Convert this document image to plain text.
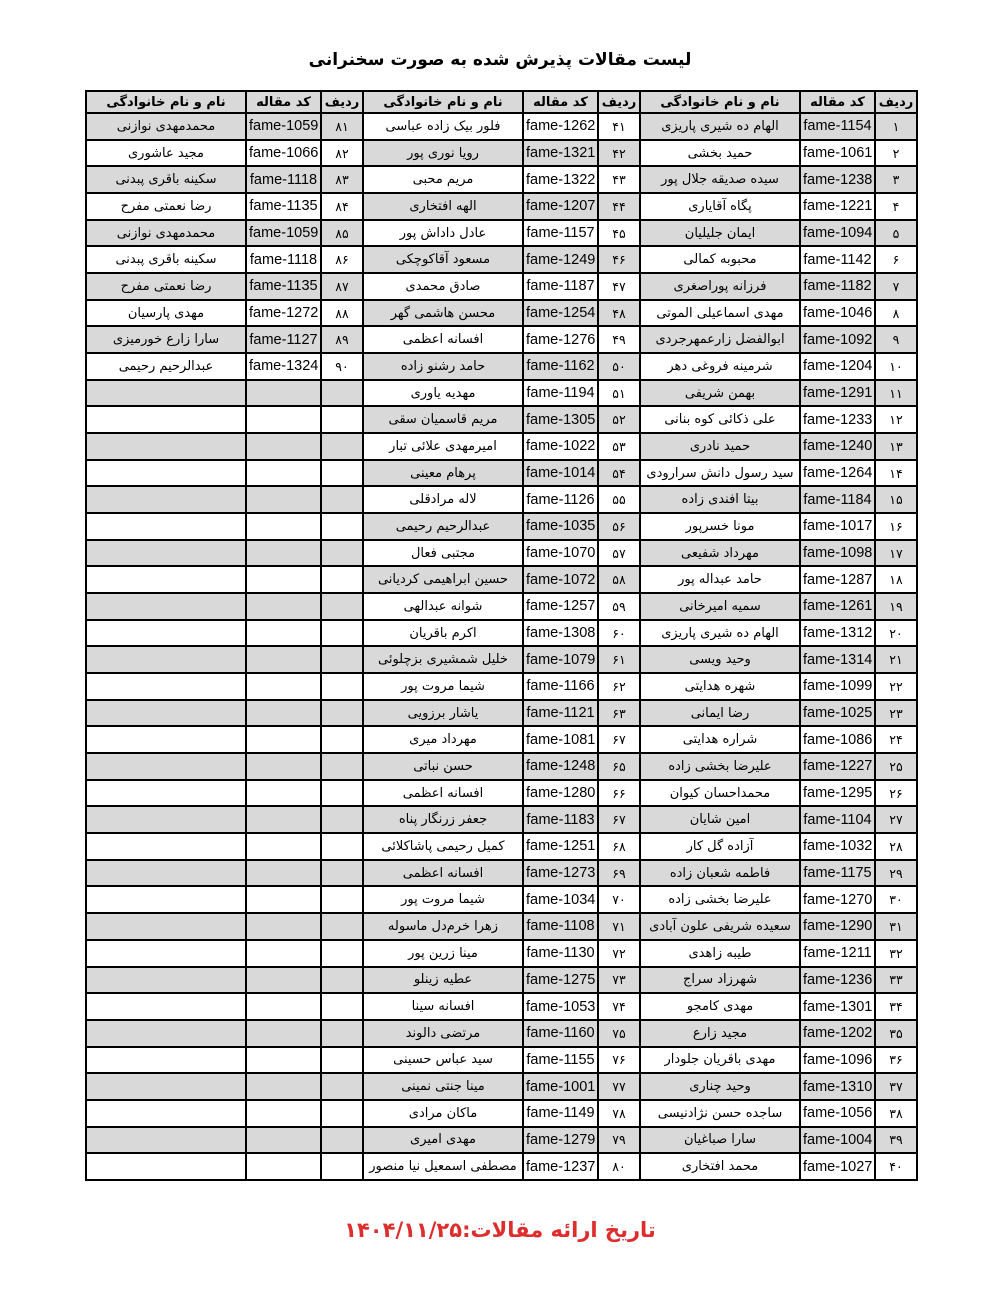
لیست مقالات پذیرش شده به صورت سخنرانی
ردیف	کد مقاله	نام و نام خانوادگی	ردیف	کد مقاله	نام و نام خانوادگی	ردیف	کد مقاله	نام و نام خانوادگی
۱	fame-1154	الهام ده شیری پاریزی	۴۱	fame-1262	فلور بیک زاده عباسی	۸۱	fame-1059	محمدمهدی نوازنی
۲	fame-1061	حمید بخشی	۴۲	fame-1321	رویا نوری پور	۸۲	fame-1066	مجید عاشوری
۳	fame-1238	سیده صدیقه جلال پور	۴۳	fame-1322	مریم محبی	۸۳	fame-1118	سکینه باقری پبدنی
۴	fame-1221	پگاه آقایاری	۴۴	fame-1207	الهه افتخاری	۸۴	fame-1135	رضا نعمتی مفرح
۵	fame-1094	ایمان جلیلیان	۴۵	fame-1157	عادل داداش پور	۸۵	fame-1059	محمدمهدی نوازنی
۶	fame-1142	محبوبه کمالی	۴۶	fame-1249	مسعود آقاکوچکی	۸۶	fame-1118	سکینه باقری پبدنی
۷	fame-1182	فرزانه پوراصغری	۴۷	fame-1187	صادق محمدی	۸۷	fame-1135	رضا نعمتی مفرح
۸	fame-1046	مهدی اسماعیلی الموتی	۴۸	fame-1254	محسن هاشمی گهر	۸۸	fame-1272	مهدی پارسیان
۹	fame-1092	ابوالفضل زارعمهرجردی	۴۹	fame-1276	افسانه اعظمی	۸۹	fame-1127	سارا زارع خورمیزی
۱۰	fame-1204	شرمینه فروغی دهر	۵۰	fame-1162	حامد رشنو زاده	۹۰	fame-1324	عبدالرحیم رحیمی
۱۱	fame-1291	بهمن شریفی	۵۱	fame-1194	مهدیه یاوری			
۱۲	fame-1233	علی ذکائی کوه بنانی	۵۲	fame-1305	مریم قاسمیان سقی			
۱۳	fame-1240	حمید نادری	۵۳	fame-1022	امیرمهدی علائی تبار			
۱۴	fame-1264	سید رسول دانش سرارودی	۵۴	fame-1014	پرهام معینی			
۱۵	fame-1184	بیتا افندی زاده	۵۵	fame-1126	لاله مرادقلی			
۱۶	fame-1017	مونا خسرپور	۵۶	fame-1035	عبدالرحیم رحیمی			
۱۷	fame-1098	مهرداد شفیعی	۵۷	fame-1070	مجتبی فعال			
۱۸	fame-1287	حامد عبداله پور	۵۸	fame-1072	حسین ابراهیمی کردیانی			
۱۹	fame-1261	سمیه امیرخانی	۵۹	fame-1257	شوانه عبدالهی			
۲۰	fame-1312	الهام ده شیری پاریزی	۶۰	fame-1308	اکرم باقریان			
۲۱	fame-1314	وحید ویسی	۶۱	fame-1079	خلیل شمشیری بزچلوئی			
۲۲	fame-1099	شهره هدایتی	۶۲	fame-1166	شیما مروت پور			
۲۳	fame-1025	رضا ایمانی	۶۳	fame-1121	یاشار برزویی			
۲۴	fame-1086	شراره هدایتی	۶۷	fame-1081	مهرداد میری			
۲۵	fame-1227	علیرضا بخشی زاده	۶۵	fame-1248	حسن نباتی			
۲۶	fame-1295	محمداحسان کیوان	۶۶	fame-1280	افسانه اعظمی			
۲۷	fame-1104	امین شایان	۶۷	fame-1183	جعفر زرنگار پناه			
۲۸	fame-1032	آزاده گل کار	۶۸	fame-1251	کمیل رحیمی پاشاکلائی			
۲۹	fame-1175	فاطمه شعبان زاده	۶۹	fame-1273	افسانه اعظمی			
۳۰	fame-1270	علیرضا بخشی زاده	۷۰	fame-1034	شیما مروت پور			
۳۱	fame-1290	سعیده شریفی علون آبادی	۷۱	fame-1108	زهرا خرم‌دل ماسوله			
۳۲	fame-1211	طیبه زاهدی	۷۲	fame-1130	مینا زرین پور			
۳۳	fame-1236	شهرزاد سراج	۷۳	fame-1275	عطیه زینلو			
۳۴	fame-1301	مهدی کامجو	۷۴	fame-1053	افسانه سینا			
۳۵	fame-1202	مجید زارع	۷۵	fame-1160	مرتضی دالوند			
۳۶	fame-1096	مهدی باقریان جلودار	۷۶	fame-1155	سید عباس حسینی			
۳۷	fame-1310	وحید چناری	۷۷	fame-1001	مینا جنتی نمینی			
۳۸	fame-1056	ساجده حسن نژادنیسی	۷۸	fame-1149	ماکان مرادی			
۳۹	fame-1004	سارا صباغیان	۷۹	fame-1279	مهدی امیری			
۴۰	fame-1027	محمد افتخاری	۸۰	fame-1237	مصطفی اسمعیل نیا منصور			
تاریخ ارائه مقالات:۱۴۰۴/۱۱/۲۵
